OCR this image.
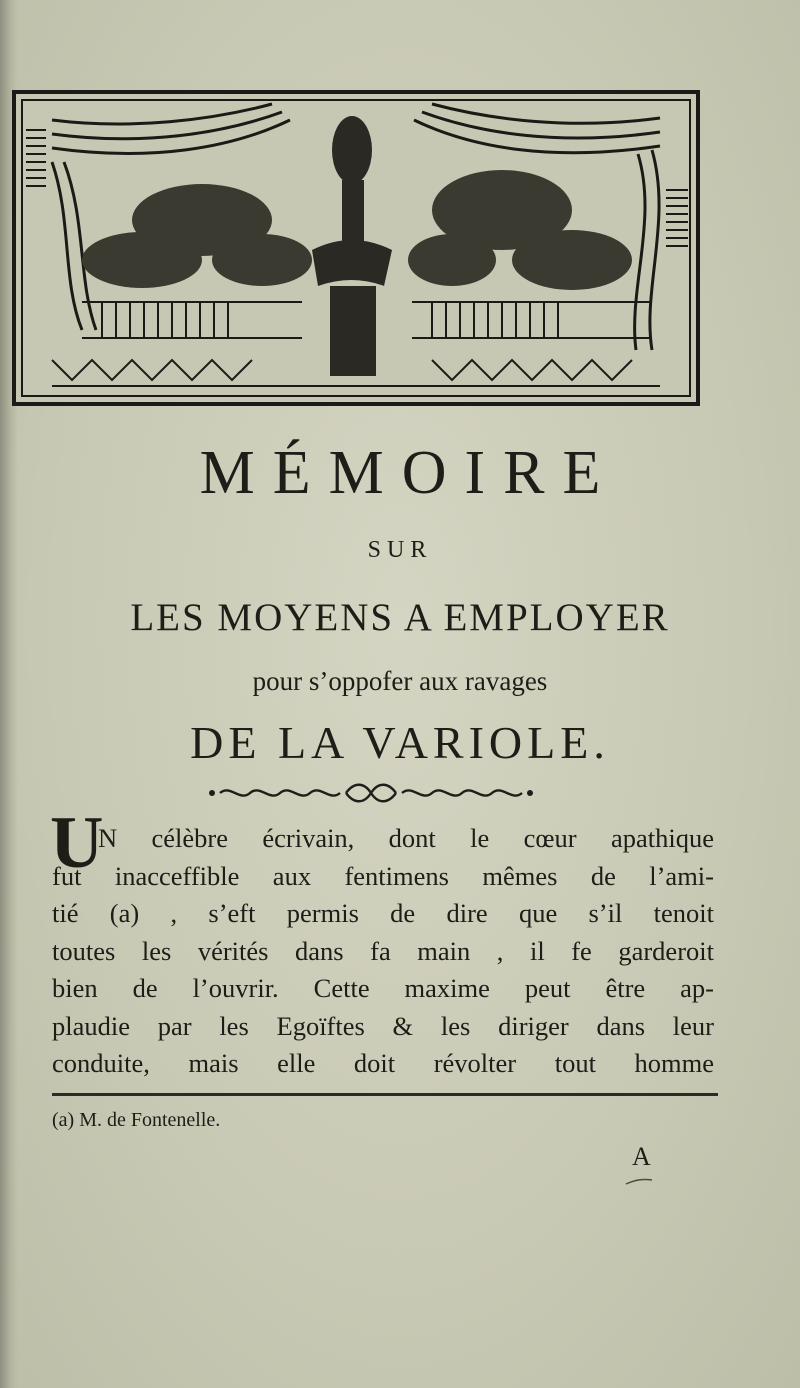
MÉMOIRE
SUR
LES MOYENS A EMPLOYER
pour s’oppofer aux ravages
DE LA VARIOLE.
U
N célèbre écrivain, dont le cœur apathique
fut inacceffible aux fentimens mêmes de l’ami-
tié (a) , s’eft permis de dire que s’il tenoit
toutes les vérités dans fa main , il fe garderoit
bien de l’ouvrir. Cette maxime peut être ap-
plaudie par les Egoïftes & les diriger dans leur
conduite, mais elle doit révolter tout homme
(a) M. de Fontenelle.
A
